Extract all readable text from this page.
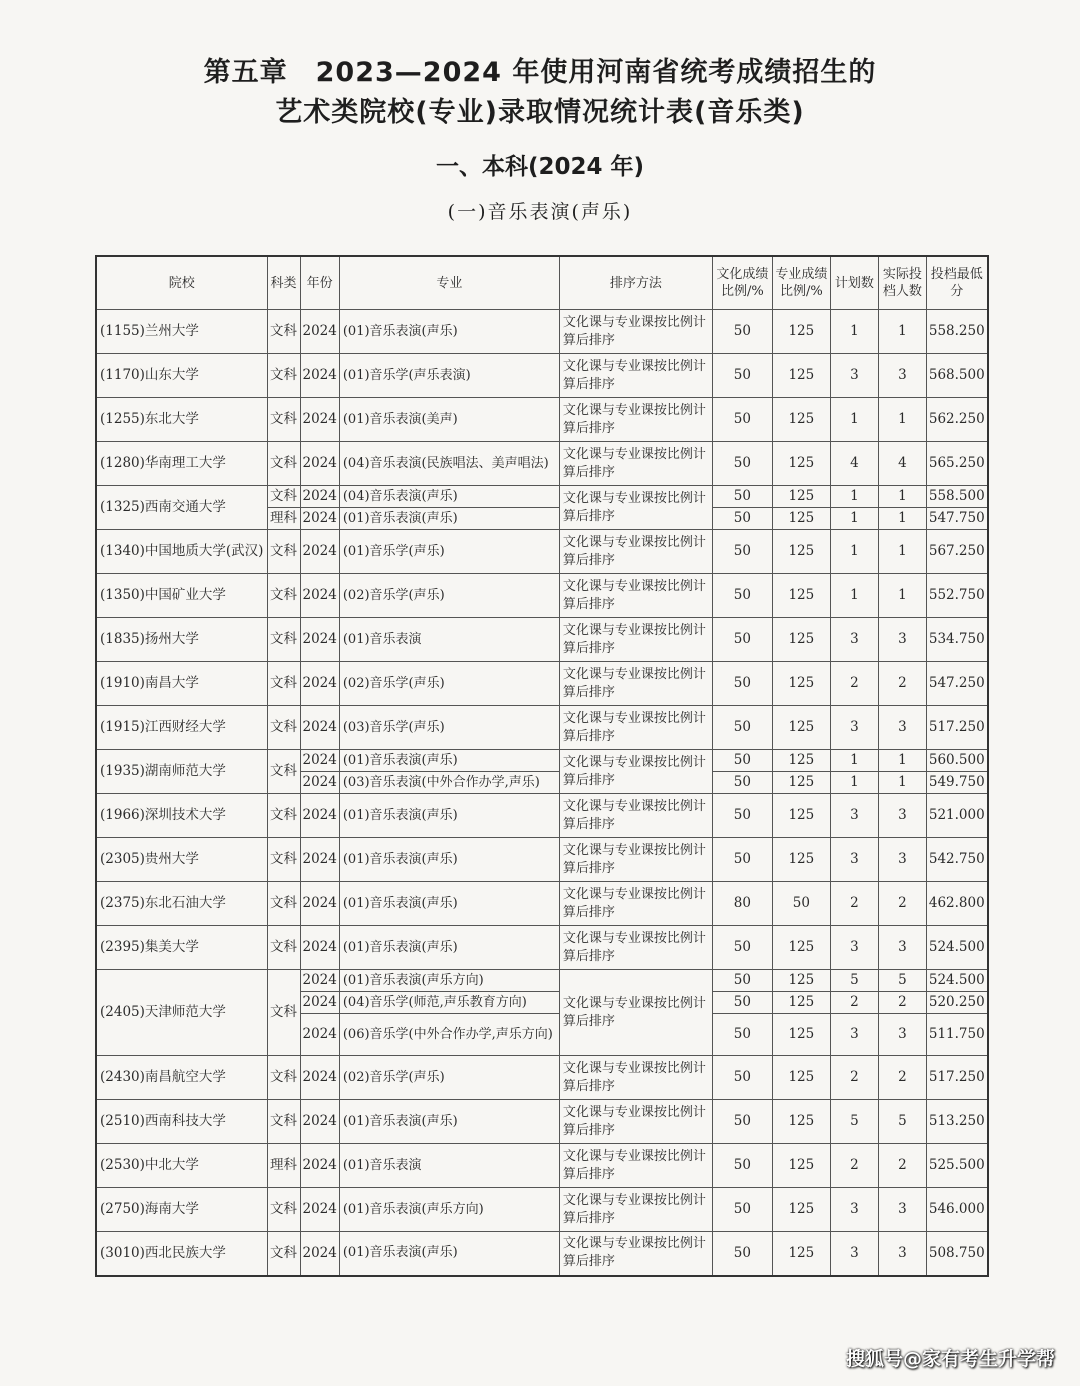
第五章　2023—2024 年使用河南省统考成绩招生的
艺术类院校(专业)录取情况统计表(音乐类)
一、本科(2024 年)
(一)音乐表演(声乐)
院校	科类	年份	专业	排序方法	文化成绩比例/%	专业成绩比例/%	计划数	实际投档人数	投档最低分
(1155)兰州大学	文科	2024	(01)音乐表演(声乐)	文化课与专业课按比例计算后排序	50	125	1	1	558.250
(1170)山东大学	文科	2024	(01)音乐学(声乐表演)	文化课与专业课按比例计算后排序	50	125	3	3	568.500
(1255)东北大学	文科	2024	(01)音乐表演(美声)	文化课与专业课按比例计算后排序	50	125	1	1	562.250
(1280)华南理工大学	文科	2024	(04)音乐表演(民族唱法、美声唱法)	文化课与专业课按比例计算后排序	50	125	4	4	565.250
(1325)西南交通大学	文科	2024	(04)音乐表演(声乐)	文化课与专业课按比例计算后排序	50	125	1	1	558.500
	理科	2024	(01)音乐表演(声乐)		50	125	1	1	547.750
(1340)中国地质大学(武汉)	文科	2024	(01)音乐学(声乐)	文化课与专业课按比例计算后排序	50	125	1	1	567.250
(1350)中国矿业大学	文科	2024	(02)音乐学(声乐)	文化课与专业课按比例计算后排序	50	125	1	1	552.750
(1835)扬州大学	文科	2024	(01)音乐表演	文化课与专业课按比例计算后排序	50	125	3	3	534.750
(1910)南昌大学	文科	2024	(02)音乐学(声乐)	文化课与专业课按比例计算后排序	50	125	2	2	547.250
(1915)江西财经大学	文科	2024	(03)音乐学(声乐)	文化课与专业课按比例计算后排序	50	125	3	3	517.250
(1935)湖南师范大学	文科	2024	(01)音乐表演(声乐)	文化课与专业课按比例计算后排序	50	125	1	1	560.500
		2024	(03)音乐表演(中外合作办学,声乐)		50	125	1	1	549.750
(1966)深圳技术大学	文科	2024	(01)音乐表演(声乐)	文化课与专业课按比例计算后排序	50	125	3	3	521.000
(2305)贵州大学	文科	2024	(01)音乐表演(声乐)	文化课与专业课按比例计算后排序	50	125	3	3	542.750
(2375)东北石油大学	文科	2024	(01)音乐表演(声乐)	文化课与专业课按比例计算后排序	80	50	2	2	462.800
(2395)集美大学	文科	2024	(01)音乐表演(声乐)	文化课与专业课按比例计算后排序	50	125	3	3	524.500
(2405)天津师范大学	文科	2024	(01)音乐表演(声乐方向)	文化课与专业课按比例计算后排序	50	125	5	5	524.500
		2024	(04)音乐学(师范,声乐教育方向)		50	125	2	2	520.250
		2024	(06)音乐学(中外合作办学,声乐方向)		50	125	3	3	511.750
(2430)南昌航空大学	文科	2024	(02)音乐学(声乐)	文化课与专业课按比例计算后排序	50	125	2	2	517.250
(2510)西南科技大学	文科	2024	(01)音乐表演(声乐)	文化课与专业课按比例计算后排序	50	125	5	5	513.250
(2530)中北大学	理科	2024	(01)音乐表演	文化课与专业课按比例计算后排序	50	125	2	2	525.500
(2750)海南大学	文科	2024	(01)音乐表演(声乐方向)	文化课与专业课按比例计算后排序	50	125	3	3	546.000
(3010)西北民族大学	文科	2024	(01)音乐表演(声乐)	文化课与专业课按比例计算后排序	50	125	3	3	508.750
搜狐号@家有考生升学帮
